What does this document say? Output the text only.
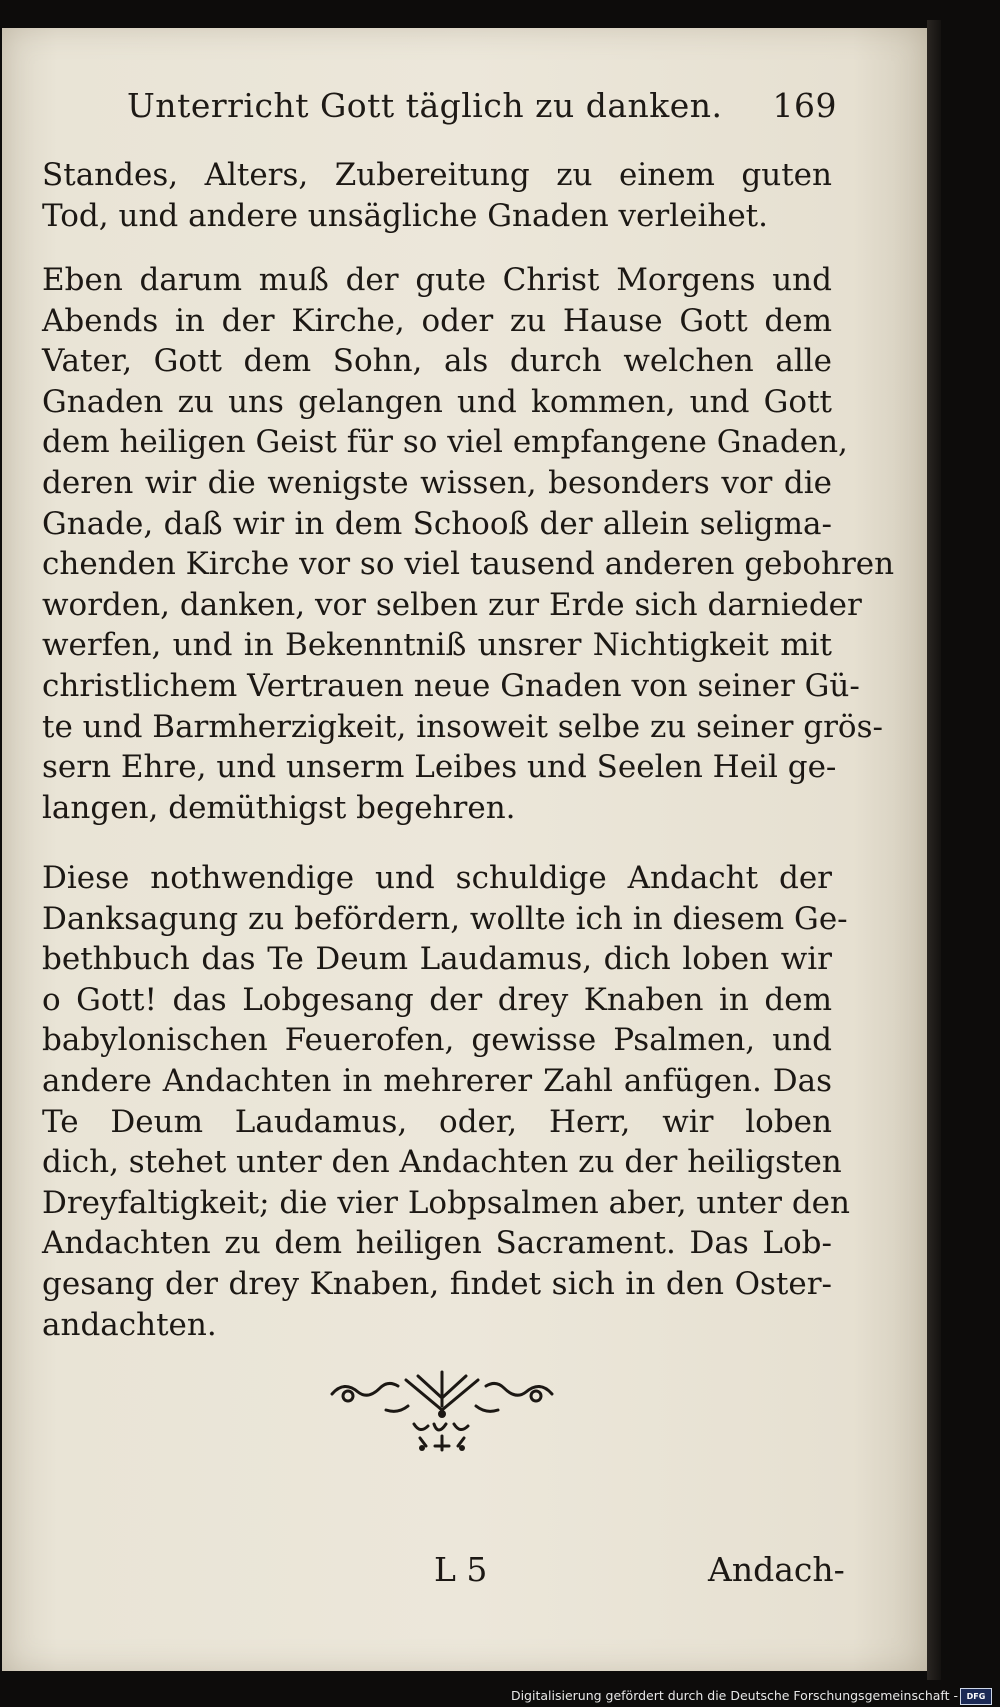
Unterricht Gott täglich zu danken. 169
Standes, Alters, Zubereitung zu einem guten
Tod, und andere unsägliche Gnaden verleihet.
Eben darum muß der gute Christ Morgens und
Abends in der Kirche, oder zu Hause Gott dem
Vater, Gott dem Sohn, als durch welchen alle
Gnaden zu uns gelangen und kommen, und Gott
dem heiligen Geist für so viel empfangene Gnaden,
deren wir die wenigste wissen, besonders vor die
Gnade, daß wir in dem Schooß der allein seligma-
chenden Kirche vor so viel tausend anderen gebohren
worden, danken, vor selben zur Erde sich darnieder
werfen, und in Bekenntniß unsrer Nichtigkeit mit
christlichem Vertrauen neue Gnaden von seiner Gü-
te und Barmherzigkeit, insoweit selbe zu seiner grös-
sern Ehre, und unserm Leibes und Seelen Heil ge-
langen, demüthigst begehren.
Diese nothwendige und schuldige Andacht der
Danksagung zu befördern, wollte ich in diesem Ge-
bethbuch das Te Deum Laudamus, dich loben wir
o Gott! das Lobgesang der drey Knaben in dem
babylonischen Feuerofen, gewisse Psalmen, und
andere Andachten in mehrerer Zahl anfügen. Das
Te Deum Laudamus, oder, Herr, wir loben
dich, stehet unter den Andachten zu der heiligsten
Dreyfaltigkeit; die vier Lobpsalmen aber, unter den
Andachten zu dem heiligen Sacrament. Das Lob-
gesang der drey Knaben, findet sich in den Oster-
andachten.
L 5	Andach-
Digitalisierung gefördert durch die Deutsche Forschungsgemeinschaft -	DFG
